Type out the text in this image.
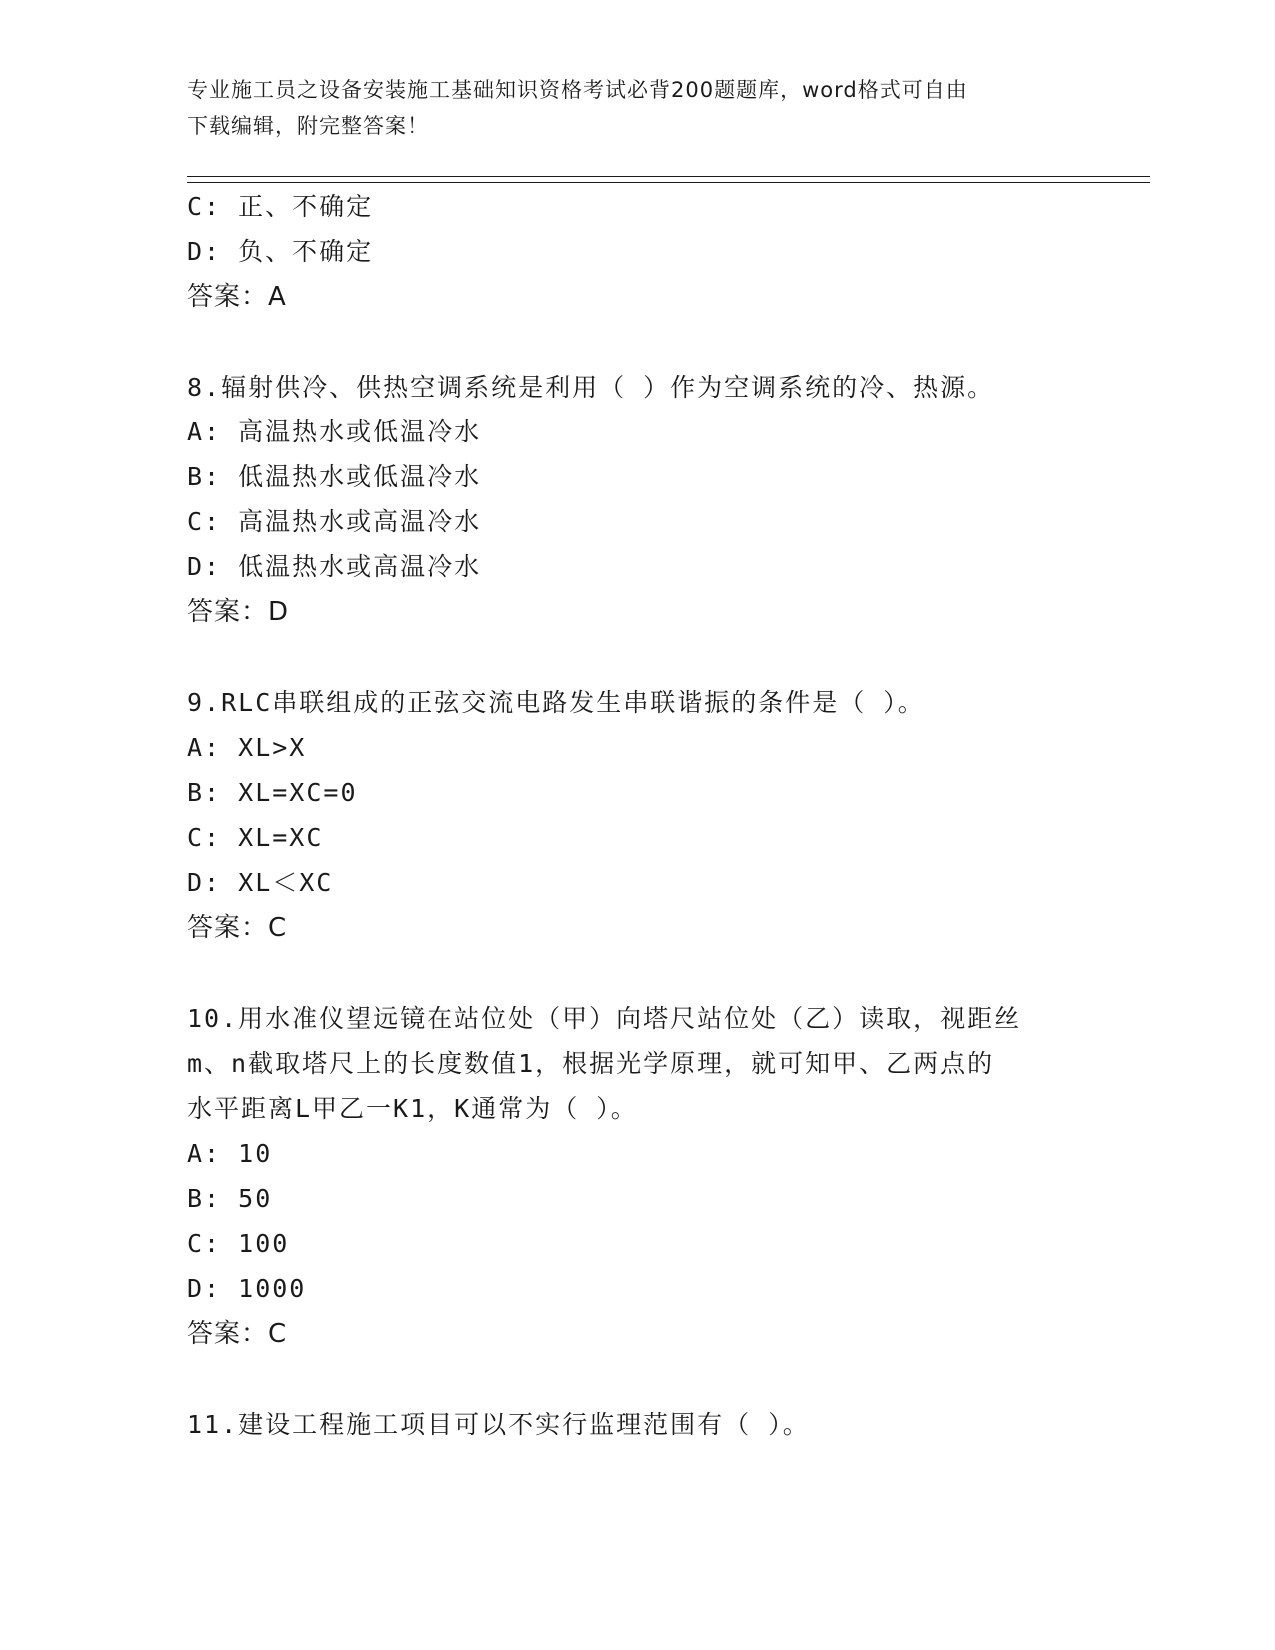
专业施工员之设备安装施工基础知识资格考试必背200题题库，word格式可自由
下载编辑，附完整答案！
C: 正、不确定
D: 负、不确定
答案：A
8.辐射供冷、供热空调系统是利用（ ）作为空调系统的冷、热源。
A: 高温热水或低温冷水
B: 低温热水或低温冷水
C: 高温热水或高温冷水
D: 低温热水或高温冷水
答案：D
9.RLC串联组成的正弦交流电路发生串联谐振的条件是（ ）。
A: XL>X
B: XL=XC=0
C: XL=XC
D: XL＜XC
答案：C
10.用水准仪望远镜在站位处（甲）向塔尺站位处（乙）读取，视距丝
m、n截取塔尺上的长度数值1，根据光学原理，就可知甲、乙两点的
水平距离L甲乙一K1，K通常为（ ）。
A: 10
B: 50
C: 100
D: 1000
答案：C
11.建设工程施工项目可以不实行监理范围有（ ）。
